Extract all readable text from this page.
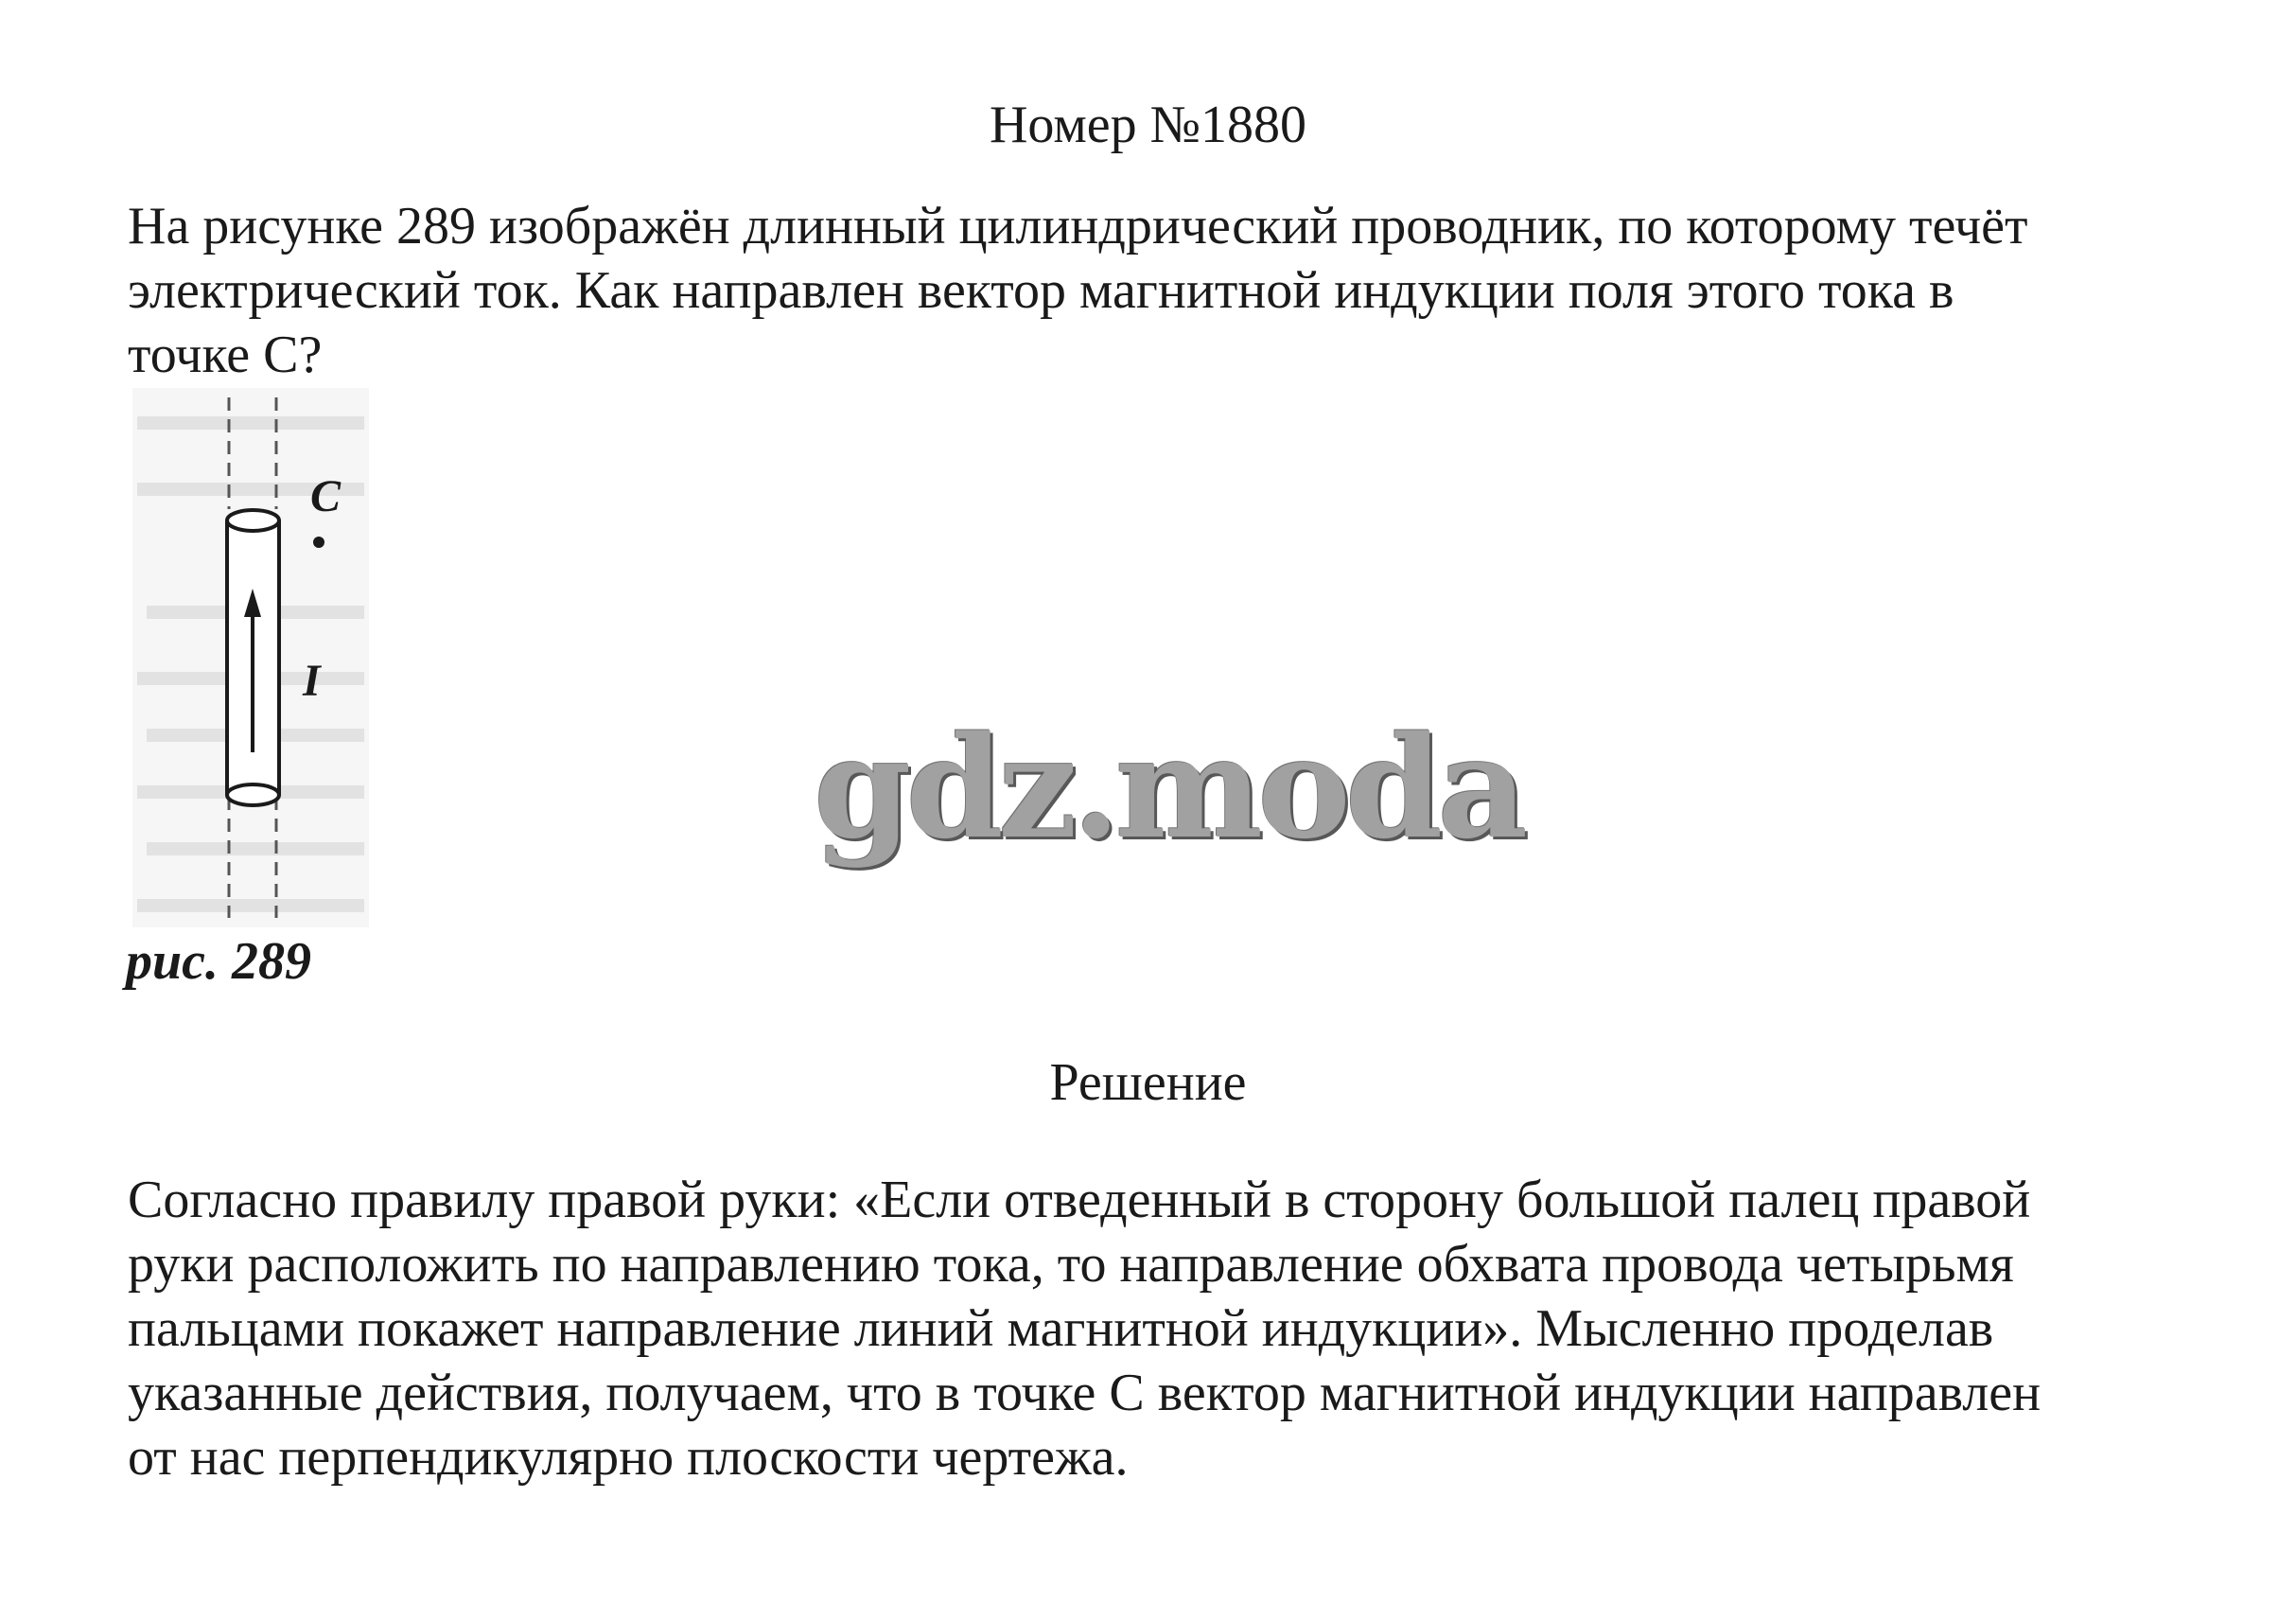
Номер №1880
На рисунке 289 изображён длинный цилиндрический проводник, по которому течёт
электрический ток. Как направлен вектор магнитной индукции поля этого тока в
точке С?
C
I
рис. 289
gdz.moda
Решение
Согласно правилу правой руки: «Если отведенный в сторону большой палец правой
руки расположить по направлению тока, то направление обхвата провода четырьмя
пальцами покажет направление линий магнитной индукции». Мысленно проделав
указанные действия, получаем, что в точке С вектор магнитной индукции направлен
от нас перпендикулярно плоскости чертежа.
